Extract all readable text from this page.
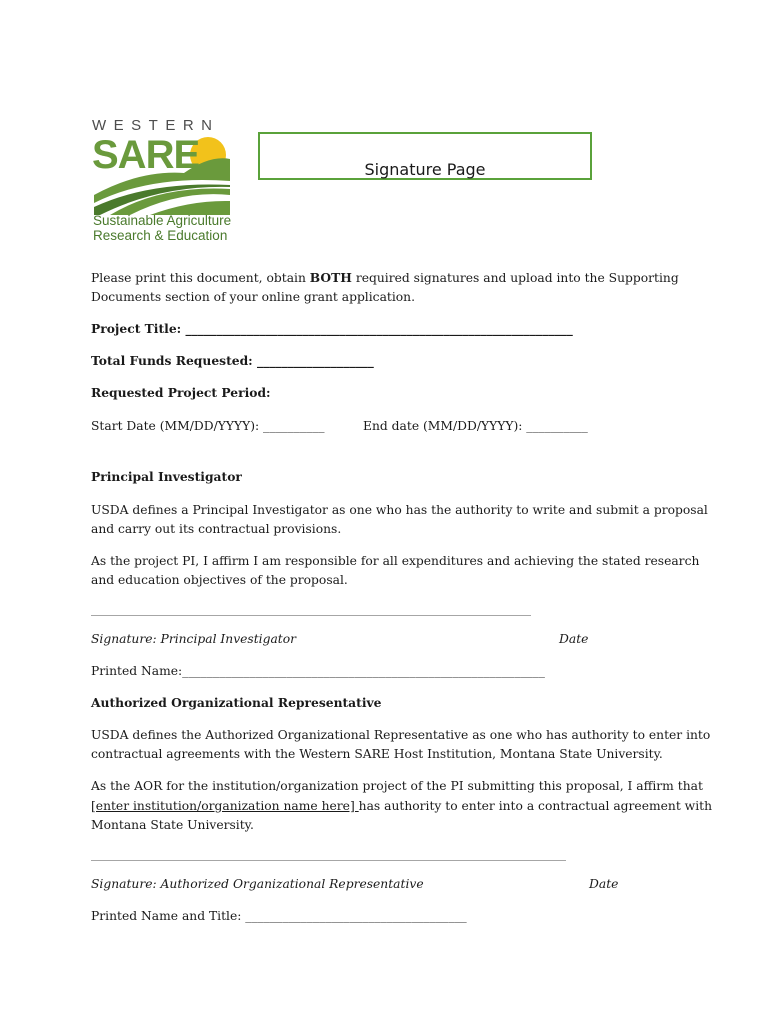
WESTERN
SARE
Sustainable Agriculture
Research & Education
Signature Page
Please print this document, obtain BOTH required signatures and upload into the Supporting
Documents section of your online grant application.
Project Title: _______________________________________________________________
Total Funds Requested: ___________________
Requested Project Period:
Start Date (MM/DD/YYYY): __________	End date (MM/DD/YYYY): __________
Principal Investigator
USDA defines a Principal Investigator as one who has the authority to write and submit a proposal
and carry out its contractual provisions.
As the project PI, I affirm I am responsible for all expenditures and achieving the stated research
and education objectives of the proposal.
________________________________________________________________________________________
Signature: Principal Investigator	Date
Printed Name:___________________________________________________________
Authorized Organizational Representative
USDA defines the Authorized Organizational Representative as one who has authority to enter into
contractual agreements with the Western SARE Host Institution, Montana State University.
As the AOR for the institution/organization project of the PI submitting this proposal, I affirm that
[enter institution/organization name here] has authority to enter into a contractual agreement with
Montana State University.
_______________________________________________________________________________________________
Signature: Authorized Organizational Representative	Date
Printed Name and Title: ____________________________________
